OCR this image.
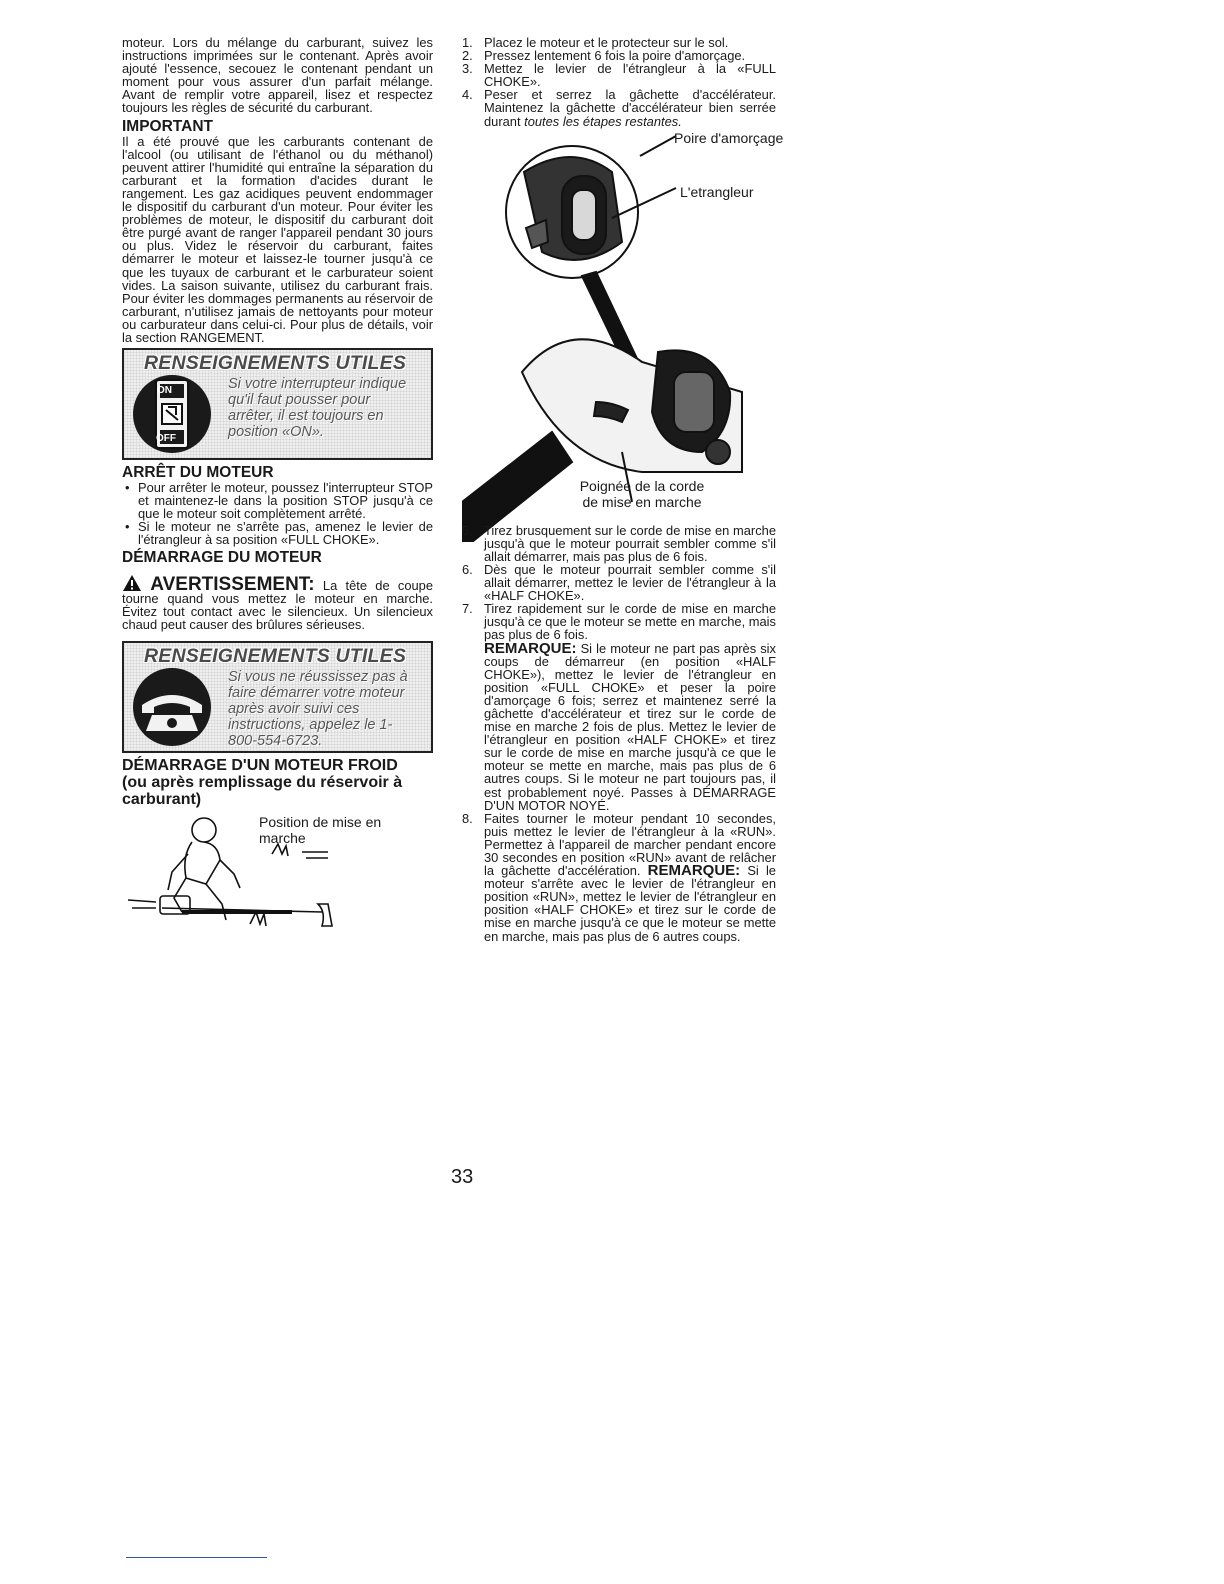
moteur. Lors du mélange du carburant, suivez les instructions imprimées sur le contenant. Après avoir ajouté l'essence, secouez le contenant pendant un moment pour vous assurer d'un parfait mélange. Avant de remplir votre appareil, lisez et respectez toujours les règles de sécurité du carburant.

IMPORTANT

Il a été prouvé que les carburants contenant de l'alcool (ou utilisant de l'éthanol ou du méthanol) peuvent attirer l'humidité qui entraîne la séparation du carburant et la formation d'acides durant le rangement. Les gaz acidiques peuvent endommager le dispositif du carburant d'un moteur. Pour éviter les problèmes de moteur, le dispositif du carburant doit être purgé avant de ranger l'appareil pendant 30 jours ou plus. Videz le réservoir du carburant, faites démarrer le moteur et laissez-le tourner jusqu'à ce que les tuyaux de carburant et le carburateur soient vides. La saison suivante, utilisez du carburant frais. Pour éviter les dommages permanents au réservoir de carburant, n'utilisez jamais de nettoyants pour moteur ou carburateur dans celui-ci. Pour plus de détails, voir la section RANGEMENT.

RENSEIGNEMENTS UTILES
ON
OFF
Si votre interrupteur indique qu'il faut pousser pour arrêter, il est toujours en position «ON».
ARRÊT DU MOTEUR
• Pour arrêter le moteur, poussez l'interrupteur STOP et maintenez-le dans la position STOP jusqu'à ce que le moteur soit complètement arrêté.
• Si le moteur ne s'arrête pas, amenez le levier de l'étrangleur à sa position «FULL CHOKE».
DÉMARRAGE DU MOTEUR

AVERTISSEMENT: La tête de coupe tourne quand vous mettez le moteur en marche. Évitez tout contact avec le silencieux. Un silencieux chaud peut causer des brûlures sérieuses.

RENSEIGNEMENTS UTILES
Si vous ne réussissez pas à faire démarrer votre moteur après avoir suivi ces instructions, appelez le 1-800-554-6723.
DÉMARRAGE D'UN MOTEUR FROID
(ou après remplissage du réservoir à carburant)
Position de mise en marche
1. Placez le moteur et le protecteur sur le sol.
2. Pressez lentement 6 fois la poire d'amorçage.
3. Mettez le levier de l'étrangleur à la «FULL CHOKE».
4. Peser et serrez la gâchette d'accélérateur. Maintenez la gâchette d'accélérateur bien serrée durant toutes les étapes restantes.
Poire d'amorçage
L'etrangleur
Poignée de la corde de mise en marche
5. Tirez brusquement sur le corde de mise en marche jusqu'à que le moteur pourrait sembler comme s'il allait démarrer, mais pas plus de 6 fois.
6. Dès que le moteur pourrait sembler comme s'il allait démarrer, mettez le levier de l'étrangleur à la «HALF CHOKE».
7. Tirez rapidement sur le corde de mise en marche jusqu'à ce que le moteur se mette en marche, mais pas plus de 6 fois.
REMARQUE: Si le moteur ne part pas après six coups de démarreur (en position «HALF CHOKE»), mettez le levier de l'étrangleur en position «FULL CHOKE» et peser la poire d'amorçage 6 fois; serrez et maintenez serré la gâchette d'accélérateur et tirez sur le corde de mise en marche 2 fois de plus. Mettez le levier de l'étrangleur en position «HALF CHOKE» et tirez sur le corde de mise en marche jusqu'à ce que le moteur se mette en marche, mais pas plus de 6 autres coups. Si le moteur ne part toujours pas, il est probablement noyé. Passes à DÉMARRAGE D'UN MOTOR NOYÉ.
8. Faites tourner le moteur pendant 10 secondes, puis mettez le levier de l'étrangleur à la «RUN». Permettez à l'appareil de marcher pendant encore 30 secondes en position «RUN» avant de relâcher la gâchette d'accélération. REMARQUE: Si le moteur s'arrête avec le levier de l'étrangleur en position «RUN», mettez le levier de l'étrangleur en position «HALF CHOKE» et tirez sur le corde de mise en marche jusqu'à ce que le moteur se mette en marche, mais pas plus de 6 autres coups.
33
